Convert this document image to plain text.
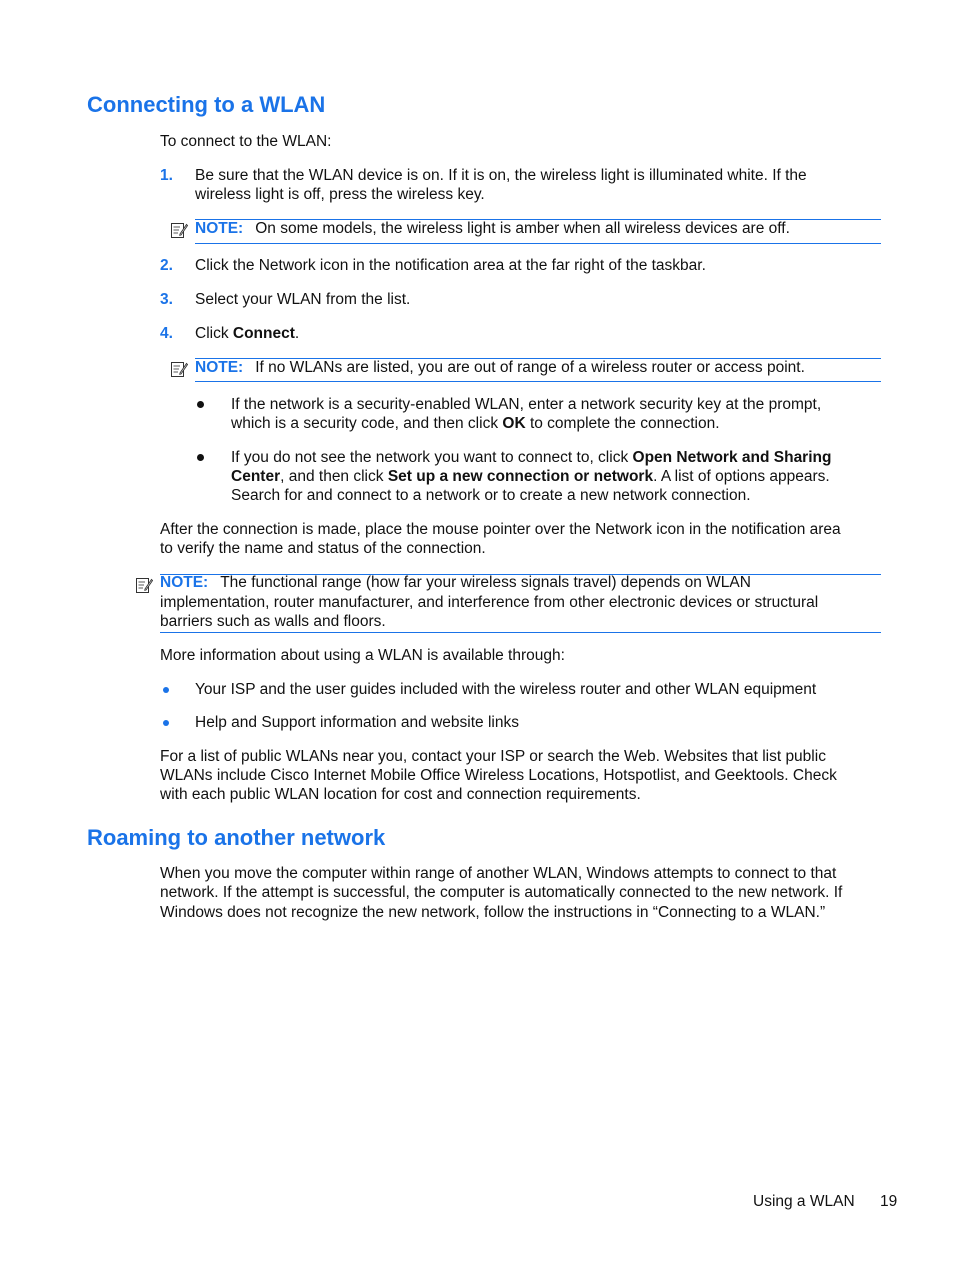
Connecting to a WLAN
To connect to the WLAN:
1.	Be sure that the WLAN device is on. If it is on, the wireless light is illuminated white. If the
wireless light is off, press the wireless key.
NOTE: On some models, the wireless light is amber when all wireless devices are off.
2.	Click the Network icon in the notification area at the far right of the taskbar.
3.	Select your WLAN from the list.
4.	Click Connect.
NOTE: If no WLANs are listed, you are out of range of a wireless router or access point.
If the network is a security-enabled WLAN, enter a network security key at the prompt,
which is a security code, and then click OK to complete the connection.
If you do not see the network you want to connect to, click Open Network and Sharing
Center, and then click Set up a new connection or network. A list of options appears.
Search for and connect to a network or to create a new network connection.
After the connection is made, place the mouse pointer over the Network icon in the notification area
to verify the name and status of the connection.
NOTE: The functional range (how far your wireless signals travel) depends on WLAN
implementation, router manufacturer, and interference from other electronic devices or structural
barriers such as walls and floors.
More information about using a WLAN is available through:
Your ISP and the user guides included with the wireless router and other WLAN equipment
Help and Support information and website links
For a list of public WLANs near you, contact your ISP or search the Web. Websites that list public
WLANs include Cisco Internet Mobile Office Wireless Locations, Hotspotlist, and Geektools. Check
with each public WLAN location for cost and connection requirements.
Roaming to another network
When you move the computer within range of another WLAN, Windows attempts to connect to that
network. If the attempt is successful, the computer is automatically connected to the new network. If
Windows does not recognize the new network, follow the instructions in “Connecting to a WLAN.”
Using a WLAN 19
